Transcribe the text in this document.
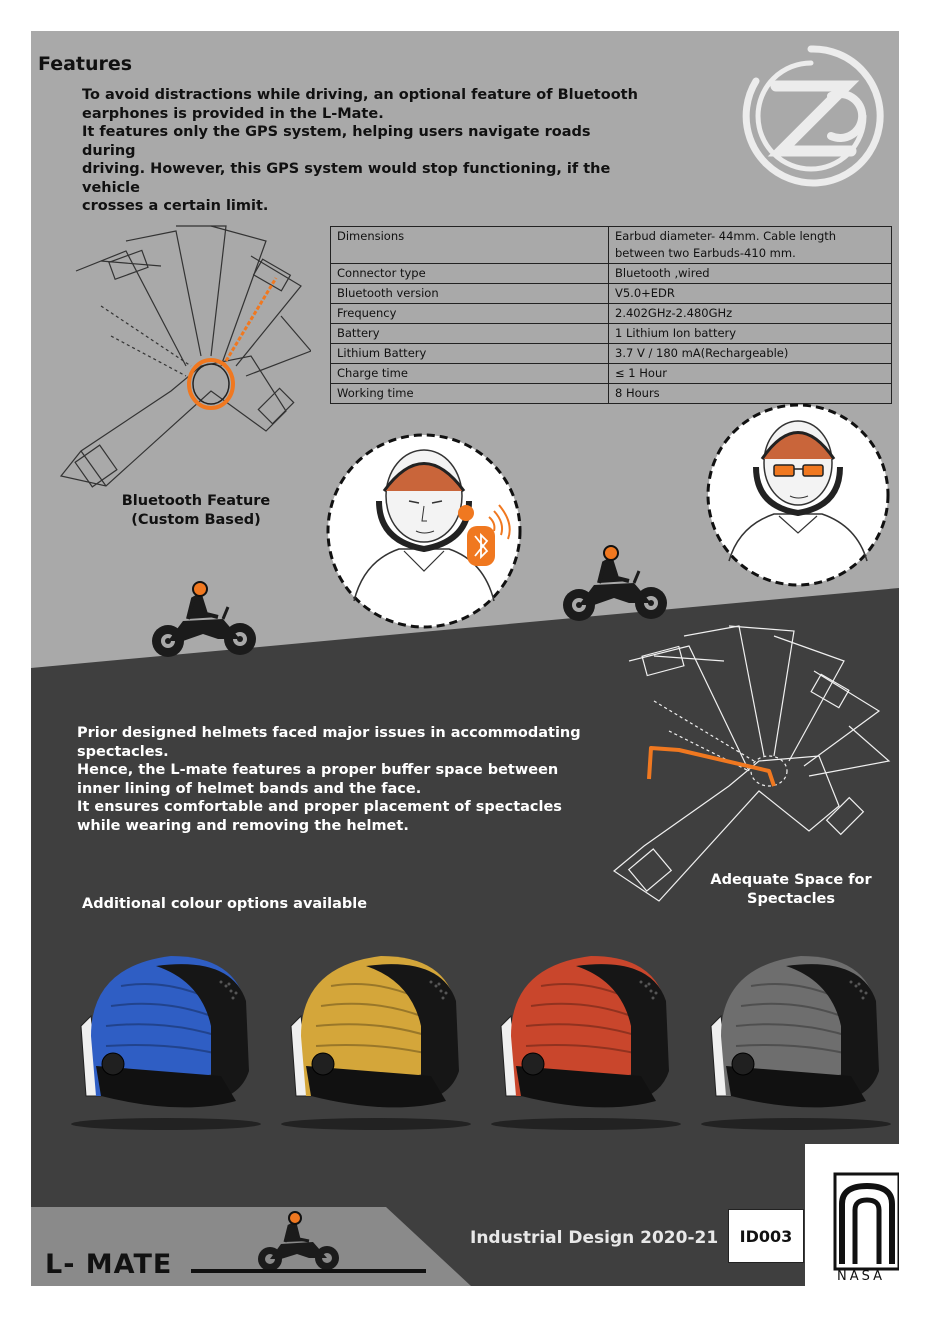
Features

To avoid distractions while driving, an optional feature of Bluetooth

earphones is provided in the L-Mate.

It features only the GPS system, helping users navigate roads during

driving. However, this GPS system would stop functioning, if the vehicle

crosses a certain limit.

Bluetooth Feature
(Custom Based)
Dimensions	Earbud diameter- 44mm. Cable length
between two Earbuds-410 mm.

Connector type	Bluetooth ,wired
Bluetooth version	V5.0+EDR
Frequency	2.402GHz-2.480GHz
Battery	1 Lithium Ion battery
Lithium Battery	3.7 V / 180 mA(Rechargeable)
Charge time	≤ 1 Hour
Working time	8 Hours

Prior designed helmets faced major issues in accommodating

spectacles.

Hence, the L-mate features a proper buffer space between

inner lining of helmet bands and the face.

It ensures comfortable and proper placement of spectacles

while wearing and removing the helmet.

Adequate Space for
Spectacles
Additional colour options available
L- MATE
Industrial Design 2020-21	ID003
NASA
